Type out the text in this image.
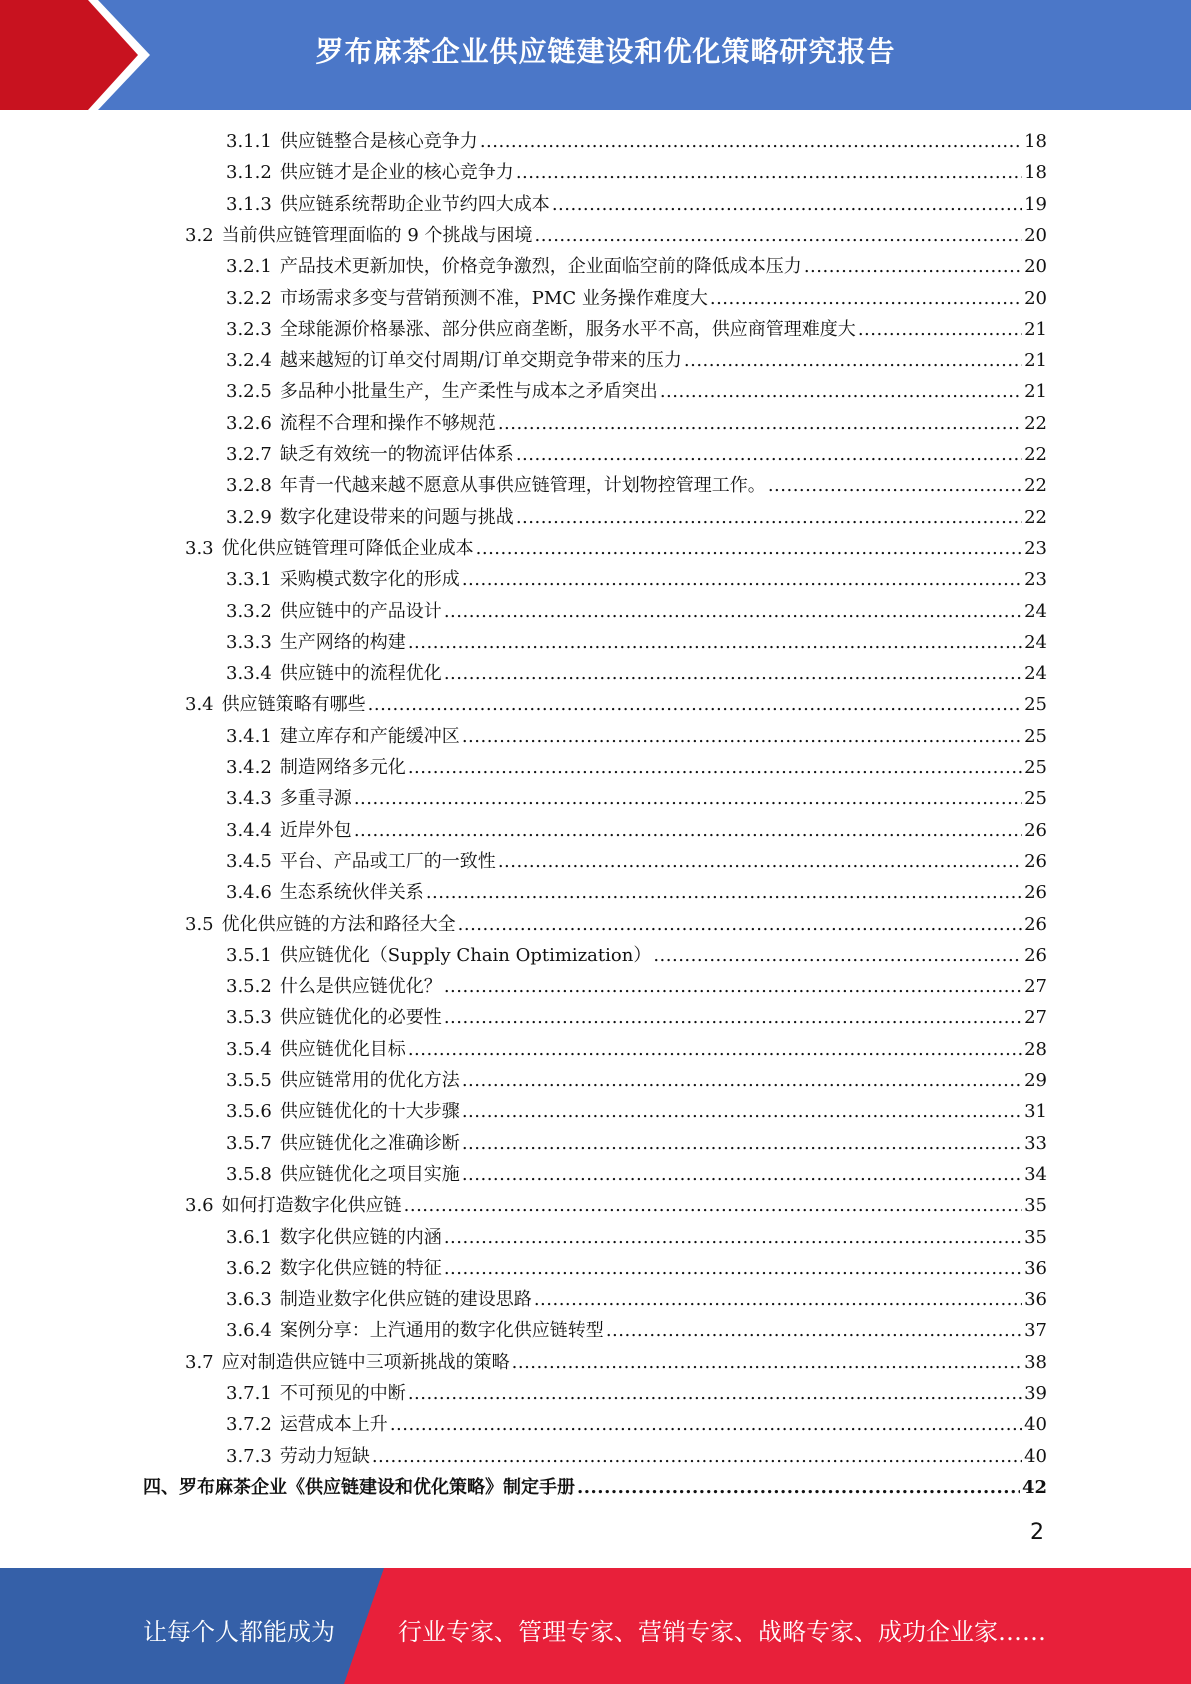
罗布麻茶企业供应链建设和优化策略研究报告
3.1.1 供应链整合是核心竞争力 .....	18
3.1.2 供应链才是企业的核心竞争力 .....	18
3.1.3 供应链系统帮助企业节约四大成本 .....	19
3.2 当前供应链管理面临的 9 个挑战与困境 .....	20
3.2.1 产品技术更新加快，价格竞争激烈，企业面临空前的降低成本压力 .....	20
3.2.2 市场需求多变与营销预测不准，PMC 业务操作难度大 .....	20
3.2.3 全球能源价格暴涨、部分供应商垄断，服务水平不高，供应商管理难度大 .....	21
3.2.4 越来越短的订单交付周期/订单交期竞争带来的压力 .....	21
3.2.5 多品种小批量生产，生产柔性与成本之矛盾突出 .....	21
3.2.6 流程不合理和操作不够规范 .....	22
3.2.7 缺乏有效统一的物流评估体系 .....	22
3.2.8 年青一代越来越不愿意从事供应链管理，计划物控管理工作。 .....	22
3.2.9 数字化建设带来的问题与挑战 .....	22
3.3 优化供应链管理可降低企业成本 .....	23
3.3.1 采购模式数字化的形成 .....	23
3.3.2 供应链中的产品设计 .....	24
3.3.3 生产网络的构建 .....	24
3.3.4 供应链中的流程优化 .....	24
3.4 供应链策略有哪些 .....	25
3.4.1 建立库存和产能缓冲区 .....	25
3.4.2 制造网络多元化 .....	25
3.4.3 多重寻源 .....	25
3.4.4 近岸外包 .....	26
3.4.5 平台、产品或工厂的一致性 .....	26
3.4.6 生态系统伙伴关系 .....	26
3.5 优化供应链的方法和路径大全 .....	26
3.5.1 供应链优化（Supply Chain Optimization） .....	26
3.5.2 什么是供应链优化？ .....	27
3.5.3 供应链优化的必要性 .....	27
3.5.4 供应链优化目标 .....	28
3.5.5 供应链常用的优化方法 .....	29
3.5.6 供应链优化的十大步骤 .....	31
3.5.7 供应链优化之准确诊断 .....	33
3.5.8 供应链优化之项目实施 .....	34
3.6 如何打造数字化供应链 .....	35
3.6.1 数字化供应链的内涵 .....	35
3.6.2 数字化供应链的特征 .....	36
3.6.3 制造业数字化供应链的建设思路 .....	36
3.6.4 案例分享：上汽通用的数字化供应链转型 .....	37
3.7 应对制造供应链中三项新挑战的策略 .....	38
3.7.1 不可预见的中断 .....	39
3.7.2 运营成本上升 .....	40
3.7.3 劳动力短缺 .....	40
四、罗布麻茶企业《供应链建设和优化策略》制定手册 .....	42
2
让每个人都能成为	行业专家、管理专家、营销专家、战略专家、成功企业家……
